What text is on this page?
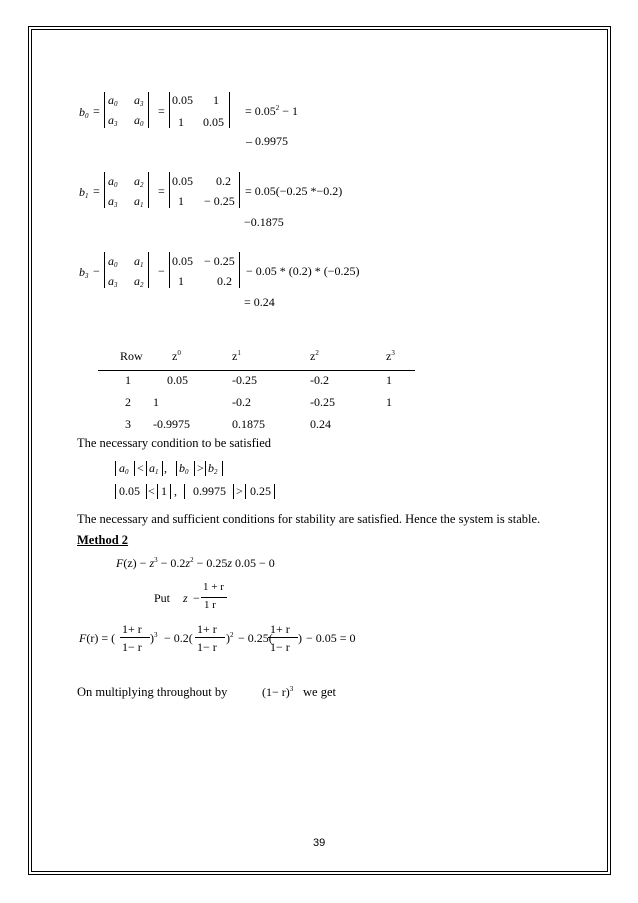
$b_0$ =
$a_0$ $a_3$
$a_3$ $a_0$
=
0.05 1
1 0.05
= $0.05^2 - 1$
– 0.9975
$b_1$ =
$a_0$ $a_2$
$a_3$ $a_1$
=
0.05 0.2
1 − 0.25
= 0.05(−0.25 *−0.2)
−0.1875
$b_3$ −
$a_0$ $a_1$
$a_3$ $a_2$
−
0.05 − 0.25
1	0.2
− 0.05 * (0.2) * (−0.25)
= 0.24
Row $z^0$	$z^1$	$z^2$	$z^3$
1	0.05	-0.25	-0.2	1
2 1	-0.2	-0.25	1
3 -0.9975	0.1875	0.24
The necessary condition to be satisfied
$a_0 < a_1$ , $b_0 > b_2$
0.05 < 1 , 0.9975 > 0.25
The necessary and sufficient conditions for stability are satisfied. Hence the system is stable.
Method 2
$F(z) - z^3 - 0.2z^2 - 0.25z$ 0.05 − 0
Put z −
1 + r
1 r
F(r) = (
1+ r
1− r
)$^3$ − 0.2(
1+ r
1− r
)$^2$ − 0.25(
1+ r
1− r
) − 0.05 = 0
On multiplying throughout by	$(1- r)^3$ we get
39
